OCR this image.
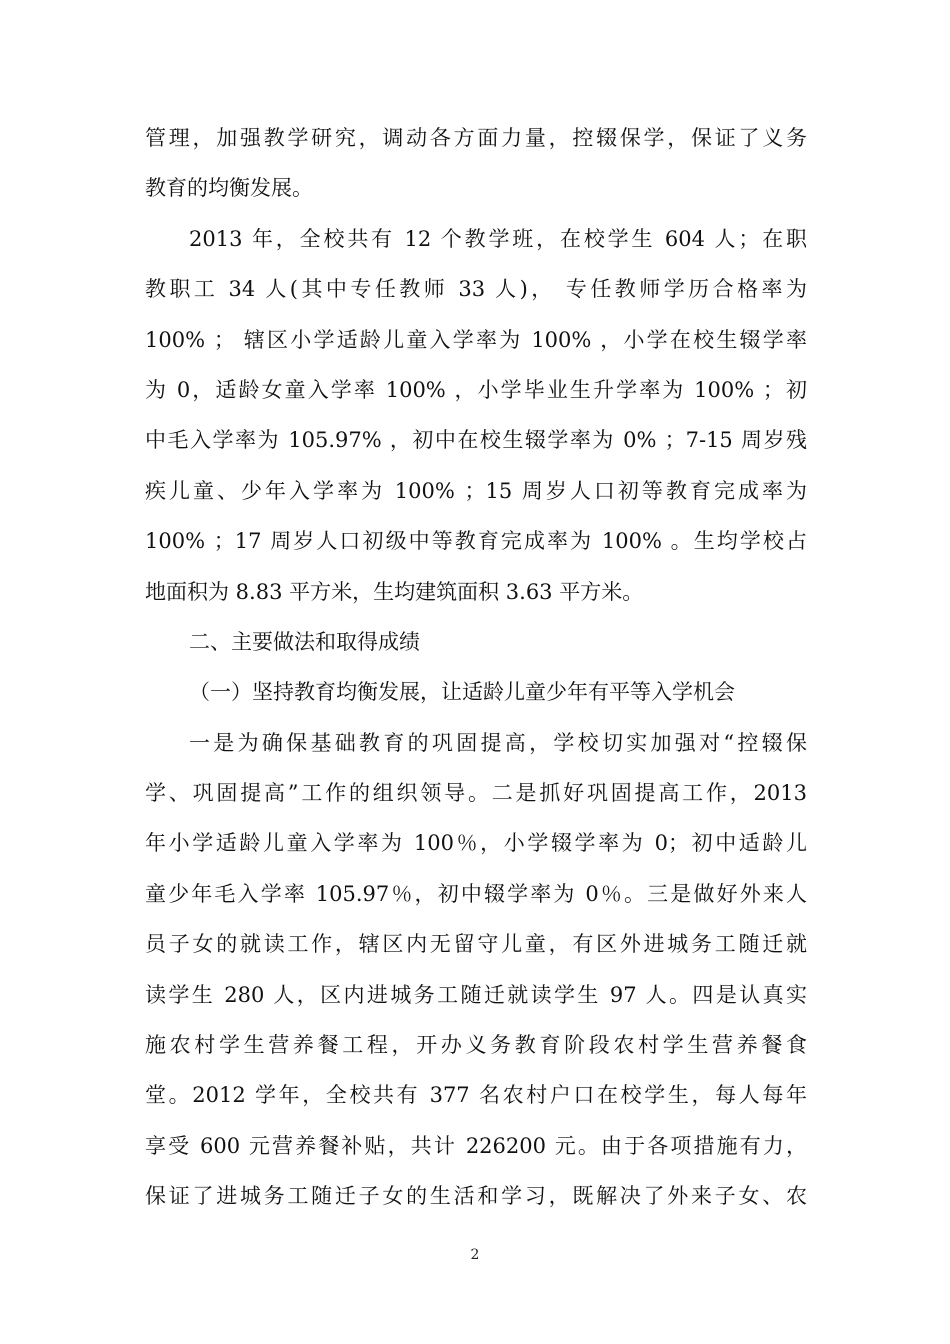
管理，加强教学研究，调动各方面力量，控辍保学，保证了义务
教育的均衡发展。
2013 年，全校共有 12 个教学班，在校学生 604 人；在职
教职工 34 人(其中专任教师 33 人)， 专任教师学历合格率为
100% ； 辖区小学适龄儿童入学率为 100% ，小学在校生辍学率
为 0，适龄女童入学率 100% ，小学毕业生升学率为 100% ；初
中毛入学率为 105.97% ，初中在校生辍学率为 0% ；7-15 周岁残
疾儿童、少年入学率为 100% ；15 周岁人口初等教育完成率为
100% ；17 周岁人口初级中等教育完成率为 100% 。生均学校占
地面积为 8.83 平方米，生均建筑面积 3.63 平方米。
二、主要做法和取得成绩
（一）坚持教育均衡发展，让适龄儿童少年有平等入学机会
一是为确保基础教育的巩固提高，学校切实加强对“控辍保
学、巩固提高”工作的组织领导。二是抓好巩固提高工作，2013
年小学适龄儿童入学率为 100％，小学辍学率为 0；初中适龄儿
童少年毛入学率 105.97％，初中辍学率为 0％。三是做好外来人
员子女的就读工作，辖区内无留守儿童，有区外进城务工随迁就
读学生 280 人，区内进城务工随迁就读学生 97 人。四是认真实
施农村学生营养餐工程，开办义务教育阶段农村学生营养餐食
堂。2012 学年，全校共有 377 名农村户口在校学生，每人每年
享受 600 元营养餐补贴，共计 226200 元。由于各项措施有力，
保证了进城务工随迁子女的生活和学习，既解决了外来子女、农
2
